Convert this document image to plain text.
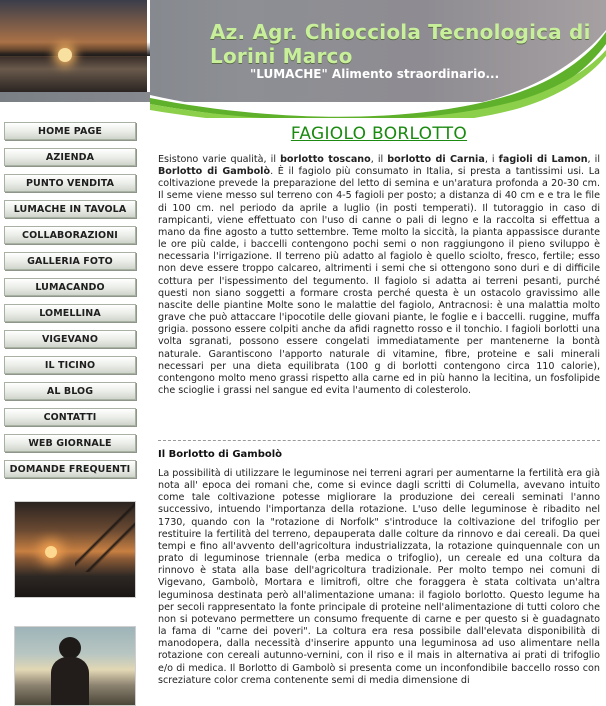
Az. Agr. Chiocciola Tecnologica di Lorini Marco
"LUMACHE" Alimento straordinario...
HOME PAGE
AZIENDA
PUNTO VENDITA
LUMACHE IN TAVOLA
COLLABORAZIONI
GALLERIA FOTO
LUMACANDO
LOMELLINA
VIGEVANO
IL TICINO
AL BLOG
CONTATTI
WEB GIORNALE
DOMANDE FREQUENTI
FAGIOLO BORLOTTO
Esistono varie qualità, il borlotto toscano, il borlotto di Carnia, i fagioli di Lamon, il Borlotto di Gambolò. È il fagiolo più consumato in Italia, si presta a tantissimi usi. La coltivazione prevede la preparazione del letto di semina e un'aratura profonda a 20-30 cm. Il seme viene messo sul terreno con 4-5 fagioli per posto; a distanza di 40 cm e e tra le file di 100 cm. nel periodo da aprile a luglio (in posti temperati). Il tutoraggio in caso di rampicanti, viene effettuato con l'uso di canne o pali di legno e la raccolta si effettua a mano da fine agosto a tutto settembre. Teme molto la siccità, la pianta appassisce durante le ore più calde, i baccelli contengono pochi semi o non raggiungono il pieno sviluppo è necessaria l'irrigazione. Il terreno più adatto al fagiolo è quello sciolto, fresco, fertile; esso non deve essere troppo calcareo, altrimenti i semi che si ottengono sono duri e di difficile cottura per l'ispessimento del tegumento. Il fagiolo si adatta ai terreni pesanti, purché questi non siano soggetti a formare crosta perché questa è un ostacolo gravissimo alle nascite delle piantine Molte sono le malattie del fagiolo, Antracnosi: è una malattia molto grave che può attaccare l'ipocotile delle giovani piante, le foglie e i baccelli. ruggine, muffa grigia. possono essere colpiti anche da afidi ragnetto rosso e il tonchio. I fagioli borlotti una volta sgranati, possono essere congelati immediatamente per mantenerne la bontà naturale. Garantiscono l'apporto naturale di vitamine, fibre, proteine e sali minerali necessari per una dieta equilibrata (100 g di borlotti contengono circa 110 calorie), contengono molto meno grassi rispetto alla carne ed in più hanno la lecitina, un fosfolipide che scioglie i grassi nel sangue ed evita l'aumento di colesterolo.
Il Borlotto di Gambolò
La possibilità di utilizzare le leguminose nei terreni agrari per aumentarne la fertilità era già nota all' epoca dei romani che, come si evince dagli scritti di Columella, avevano intuito come tale coltivazione potesse migliorare la produzione dei cereali seminati l'anno successivo, intuendo l'importanza della rotazione. L'uso delle leguminose è ribadito nel 1730, quando con la "rotazione di Norfolk" s'introduce la coltivazione del trifoglio per restituire la fertilità del terreno, depauperata dalle colture da rinnovo e dai cereali. Da quei tempi e fino all'avvento dell'agricoltura industrializzata, la rotazione quinquennale con un prato di leguminose triennale (erba medica o trifoglio), un cereale ed una coltura da rinnovo è stata alla base dell'agricoltura tradizionale. Per molto tempo nei comuni di Vigevano, Gambolò, Mortara e limitrofi, oltre che foraggera è stata coltivata un'altra leguminosa destinata però all'alimentazione umana: il fagiolo borlotto. Questo legume ha per secoli rappresentato la fonte principale di proteine nell'alimentazione di tutti coloro che non si potevano permettere un consumo frequente di carne e per questo si è guadagnato la fama di "carne dei poveri". La coltura era resa possibile dall'elevata disponibilità di manodopera, dalla necessità d'inserire appunto una leguminosa ad uso alimentare nella rotazione con cereali autunno-vernini, con il riso e il mais in alternativa ai prati di trifoglio e/o di medica. Il Borlotto di Gambolò si presenta come un inconfondibile baccello rosso con screziature color crema contenente semi di media dimensione di
